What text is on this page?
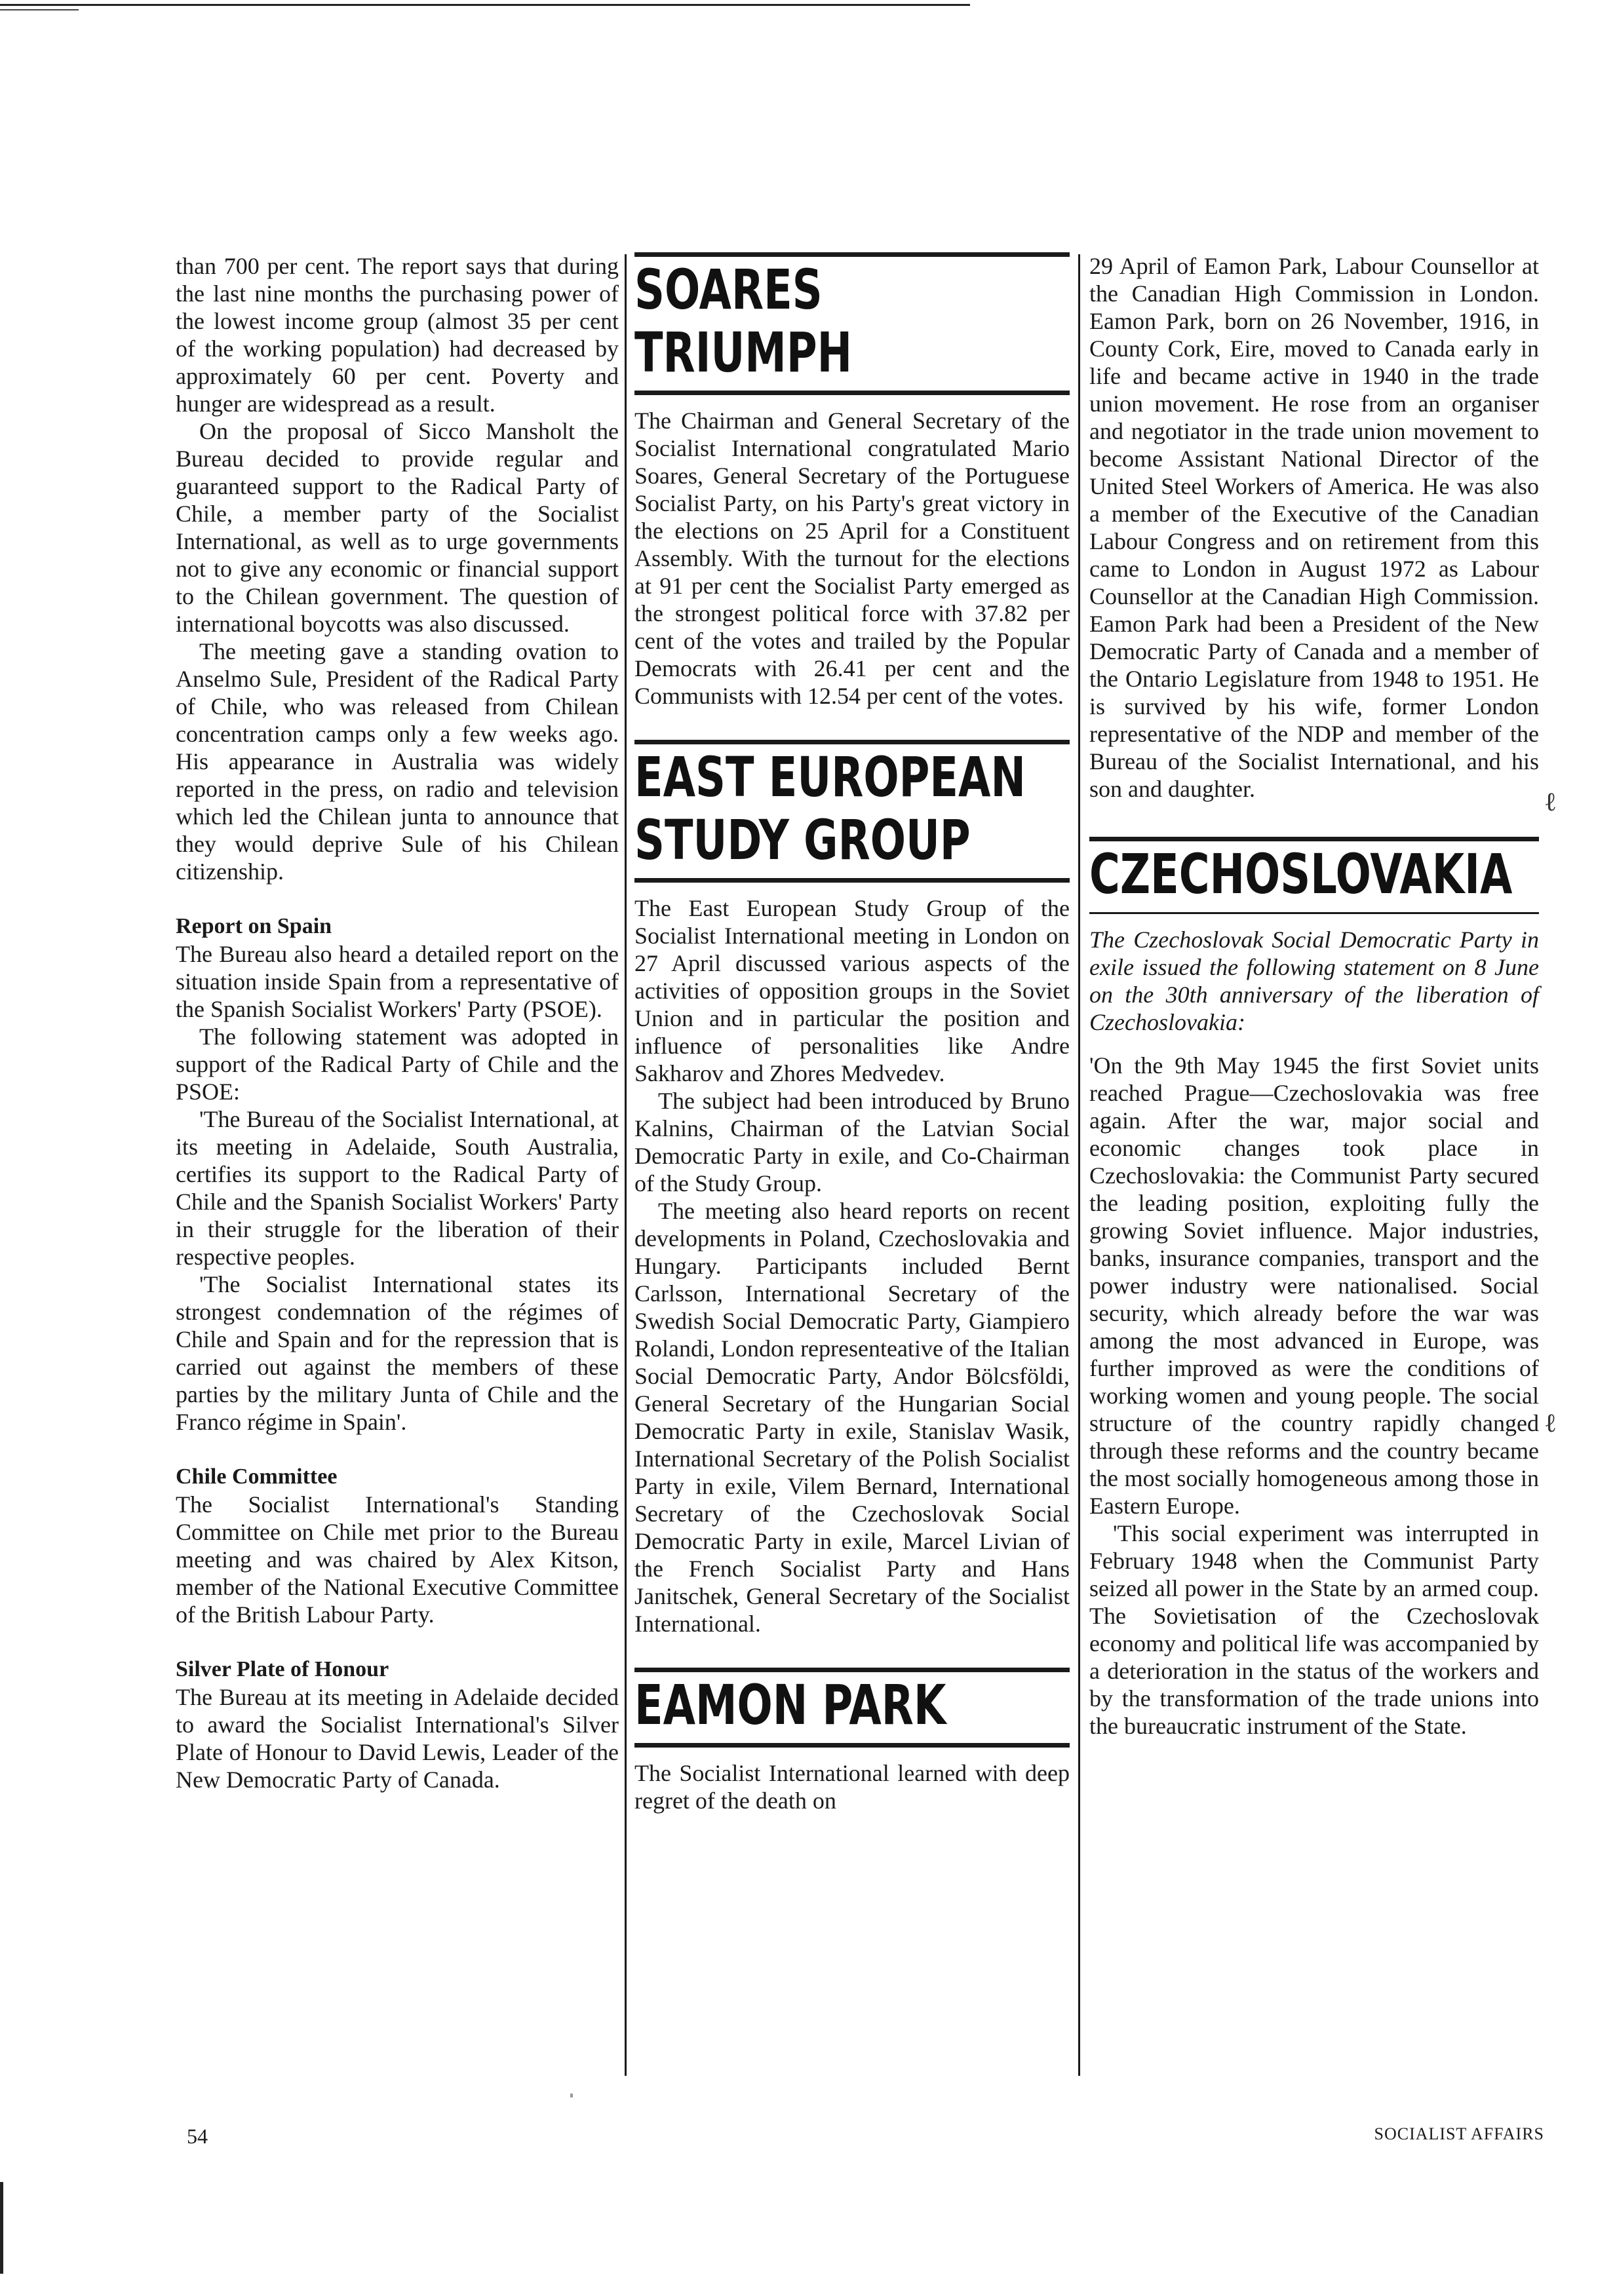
than 700 per cent. The report says that during the last nine months the purchasing power of the lowest income group (almost 35 per cent of the working population) had decreased by approximately 60 per cent. Poverty and hunger are widespread as a result.

On the proposal of Sicco Mansholt the Bureau decided to provide regular and guaranteed support to the Radical Party of Chile, a member party of the Socialist International, as well as to urge governments not to give any economic or financial support to the Chilean government. The question of international boycotts was also discussed.

The meeting gave a standing ovation to Anselmo Sule, President of the Radical Party of Chile, who was released from Chilean concentration camps only a few weeks ago. His appearance in Australia was widely reported in the press, on radio and television which led the Chilean junta to announce that they would deprive Sule of his Chilean citizenship.

Report on Spain

The Bureau also heard a detailed report on the situation inside Spain from a representative of the Spanish Socialist Workers' Party (PSOE).

The following statement was adopted in support of the Radical Party of Chile and the PSOE:

'The Bureau of the Socialist International, at its meeting in Adelaide, South Australia, certifies its support to the Radical Party of Chile and the Spanish Socialist Workers' Party in their struggle for the liberation of their respective peoples.

'The Socialist International states its strongest condemnation of the régimes of Chile and Spain and for the repression that is carried out against the members of these parties by the military Junta of Chile and the Franco régime in Spain'.

Chile Committee

The Socialist International's Standing Committee on Chile met prior to the Bureau meeting and was chaired by Alex Kitson, member of the National Executive Committee of the British Labour Party.

Silver Plate of Honour

The Bureau at its meeting in Adelaide decided to award the Socialist International's Silver Plate of Honour to David Lewis, Leader of the New Democratic Party of Canada.

SOARES
TRIUMPH

The Chairman and General Secretary of the Socialist International congratulated Mario Soares, General Secretary of the Portuguese Socialist Party, on his Party's great victory in the elections on 25 April for a Constituent Assembly. With the turnout for the elections at 91 per cent the Socialist Party emerged as the strongest political force with 37.82 per cent of the votes and trailed by the Popular Democrats with 26.41 per cent and the Communists with 12.54 per cent of the votes.

EAST EUROPEAN
STUDY GROUP

The East European Study Group of the Socialist International meeting in London on 27 April discussed various aspects of the activities of opposition groups in the Soviet Union and in particular the position and influence of personalities like Andre Sakharov and Zhores Medvedev.

The subject had been introduced by Bruno Kalnins, Chairman of the Latvian Social Democratic Party in exile, and Co-Chairman of the Study Group.

The meeting also heard reports on recent developments in Poland, Czechoslovakia and Hungary. Participants included Bernt Carlsson, International Secretary of the Swedish Social Democratic Party, Giampiero Rolandi, London representeative of the Italian Social Democratic Party, Andor Bölcsföldi, General Secretary of the Hungarian Social Democratic Party in exile, Stanislav Wasik, International Secretary of the Polish Socialist Party in exile, Vilem Bernard, International Secretary of the Czechoslovak Social Democratic Party in exile, Marcel Livian of the French Socialist Party and Hans Janitschek, General Secretary of the Socialist International.

EAMON PARK

The Socialist International learned with deep regret of the death on

29 April of Eamon Park, Labour Counsellor at the Canadian High Commission in London. Eamon Park, born on 26 November, 1916, in County Cork, Eire, moved to Canada early in life and became active in 1940 in the trade union movement. He rose from an organiser and negotiator in the trade union movement to become Assistant National Director of the United Steel Workers of America. He was also a member of the Executive of the Canadian Labour Congress and on retirement from this came to London in August 1972 as Labour Counsellor at the Canadian High Commission. Eamon Park had been a President of the New Democratic Party of Canada and a member of the Ontario Legislature from 1948 to 1951. He is survived by his wife, former London representative of the NDP and member of the Bureau of the Socialist International, and his son and daughter.

CZECHOSLOVAKIA

The Czechoslovak Social Democratic Party in exile issued the following statement on 8 June on the 30th anniversary of the liberation of Czechoslovakia:

'On the 9th May 1945 the first Soviet units reached Prague—Czechoslovakia was free again. After the war, major social and economic changes took place in Czechoslovakia: the Communist Party secured the leading position, exploiting fully the growing Soviet influence. Major industries, banks, insurance companies, transport and the power industry were nationalised. Social security, which already before the war was among the most advanced in Europe, was further improved as were the conditions of working women and young people. The social structure of the country rapidly changed through these reforms and the country became the most socially homogeneous among those in Eastern Europe.

'This social experiment was interrupted in February 1948 when the Communist Party seized all power in the State by an armed coup. The Sovietisation of the Czechoslovak economy and political life was accompanied by a deterioration in the status of the workers and by the transformation of the trade unions into the bureaucratic instrument of the State.

ℓ
ℓ
54	SOCIALIST AFFAIRS
